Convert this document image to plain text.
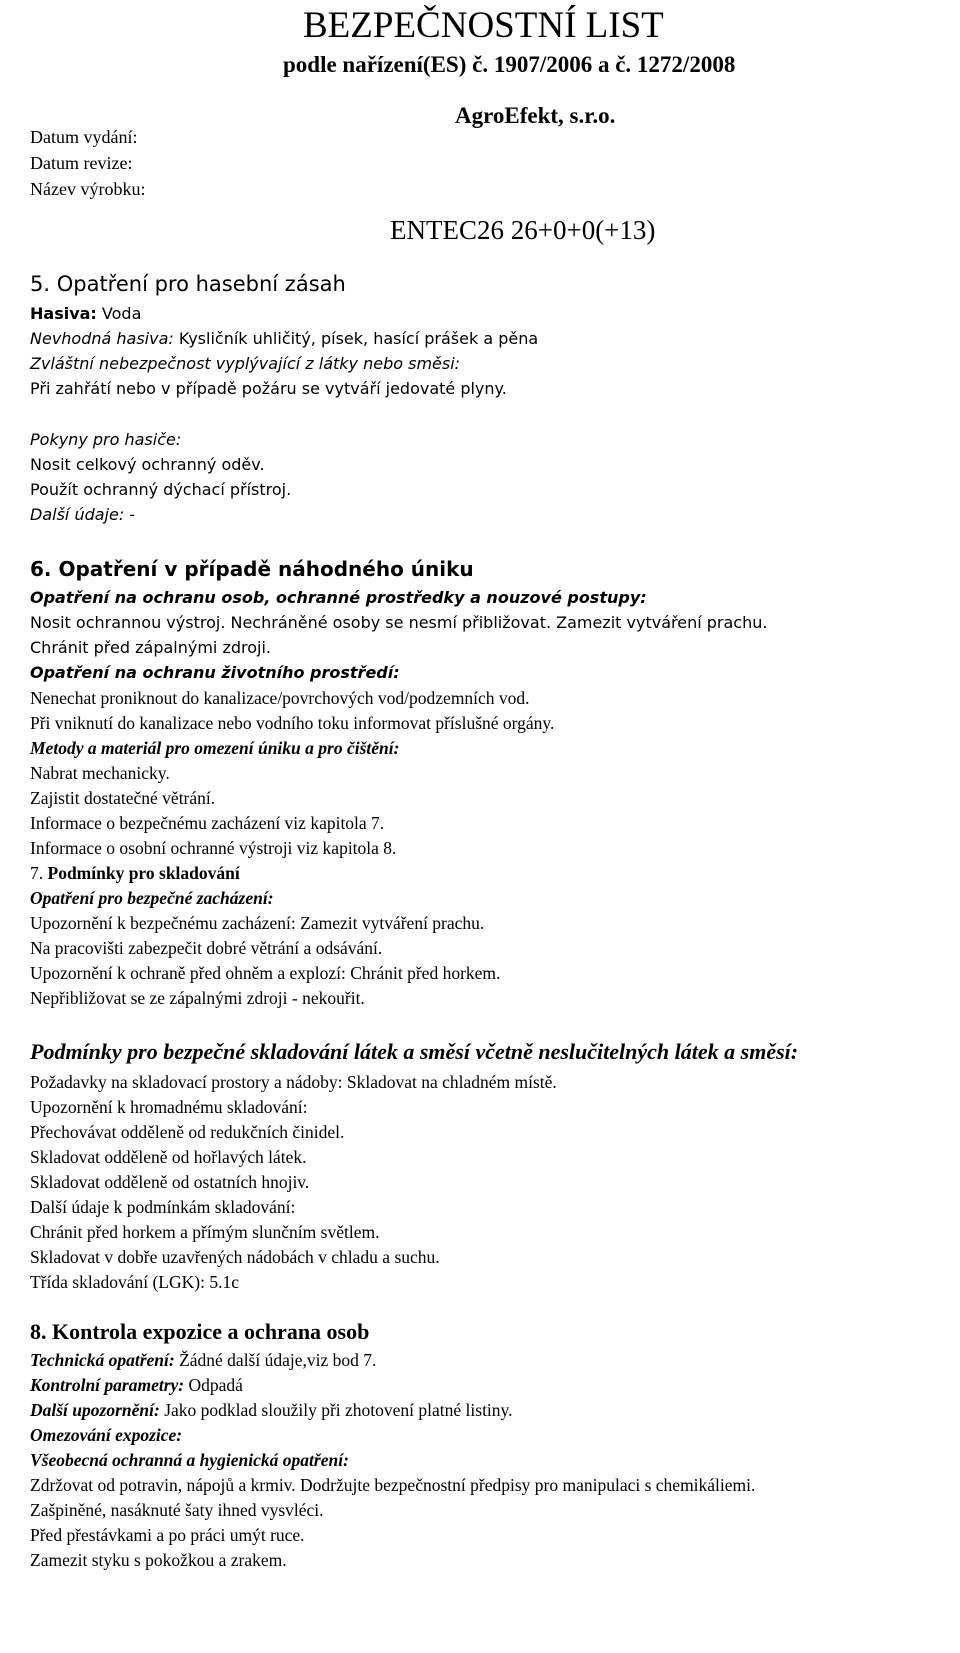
BEZPEČNOSTNÍ LIST
podle nařízení(ES) č. 1907/2006 a č. 1272/2008
AgroEfekt, s.r.o.
Datum vydání:
Datum revize:
Název výrobku:
ENTEC26 26+0+0(+13)
5. Opatření pro hasební zásah
Hasiva: Voda
Nevhodná hasiva: Kysličník uhličitý, písek, hasící prášek a pěna
Zvláštní nebezpečnost vyplývající z látky nebo směsi:
Při zahřátí nebo v případě požáru se vytváří jedovaté plyny.
Pokyny pro hasiče:
Nosit celkový ochranný oděv.
Použít ochranný dýchací přístroj.
Další údaje: -
6. Opatření v případě náhodného úniku
Opatření na ochranu osob, ochranné prostředky a nouzové postupy:
Nosit ochrannou výstroj. Nechráněné osoby se nesmí přibližovat. Zamezit vytváření prachu.
Chránit před zápalnými zdroji.
Opatření na ochranu životního prostředí:
Nenechat proniknout do kanalizace/povrchových vod/podzemních vod.
Při vniknutí do kanalizace nebo vodního toku informovat příslušné orgány.
Metody a materiál pro omezení úniku a pro čištění:
Nabrat mechanicky.
Zajistit dostatečné větrání.
Informace o bezpečnému zacházení viz kapitola 7.
Informace o osobní ochranné výstroji viz kapitola 8.
7. Podmínky pro skladování
Opatření pro bezpečné zacházení:
Upozornění k bezpečnému zacházení: Zamezit vytváření prachu.
Na pracovišti zabezpečit dobré větrání a odsávání.
Upozornění k ochraně před ohněm a explozí: Chránit před horkem.
Nepřibližovat se ze zápalnými zdroji - nekouřit.
Podmínky pro bezpečné skladování látek a směsí včetně neslučitelných látek a směsí:
Požadavky na skladovací prostory a nádoby: Skladovat na chladném místě.
Upozornění k hromadnému skladování:
Přechovávat odděleně od redukčních činidel.
Skladovat odděleně od hořlavých látek.
Skladovat odděleně od ostatních hnojiv.
Další údaje k podmínkám skladování:
Chránit před horkem a přímým slunčním světlem.
Skladovat v dobře uzavřených nádobách v chladu a suchu.
Třída skladování (LGK): 5.1c
8. Kontrola expozice a ochrana osob
Technická opatření: Žádné další údaje,viz bod 7.
Kontrolní parametry: Odpadá
Další upozornění: Jako podklad sloužily při zhotovení platné listiny.
Omezování expozice:
Všeobecná ochranná a hygienická opatření:
Zdržovat od potravin, nápojů a krmiv. Dodržujte bezpečnostní předpisy pro manipulaci s chemikáliemi.
Zašpiněné, nasáknuté šaty ihned vysvléci.
Před přestávkami a po práci umýt ruce.
Zamezit styku s pokožkou a zrakem.
